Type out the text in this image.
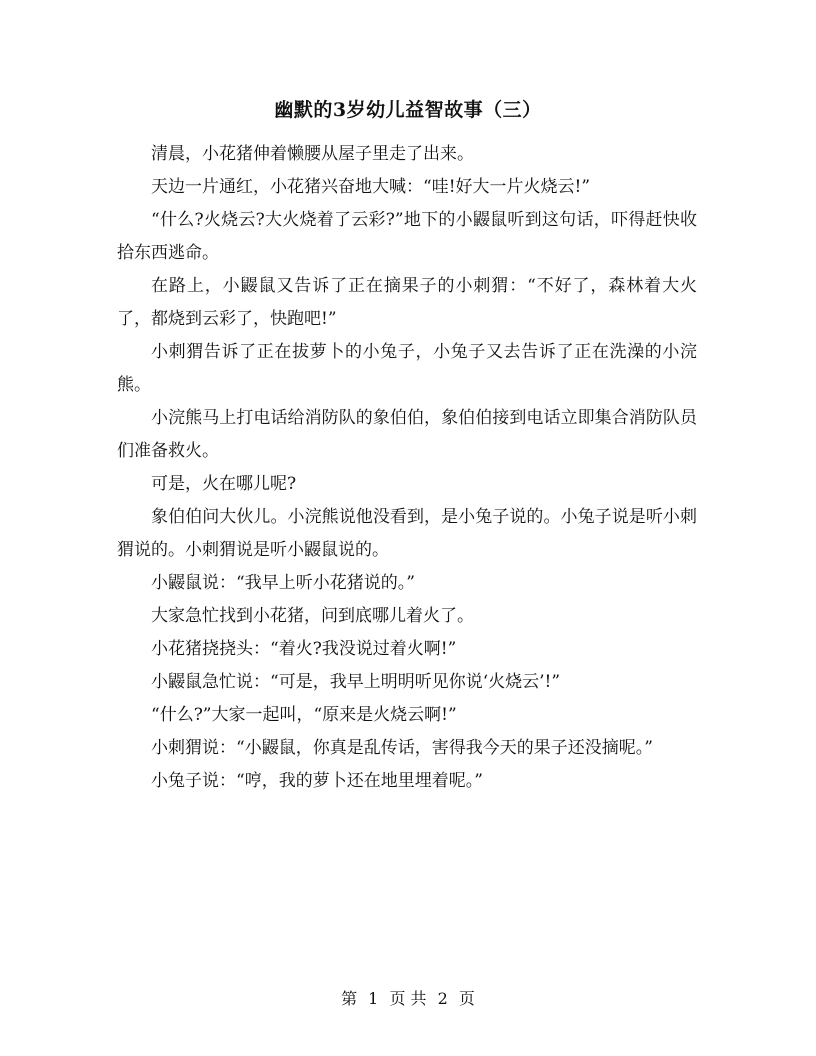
幽默的3岁幼儿益智故事（三）

清晨，小花猪伸着懒腰从屋子里走了出来。

天边一片通红，小花猪兴奋地大喊：“哇!好大一片火烧云!”

“什么?火烧云?大火烧着了云彩?”地下的小鼹鼠听到这句话，吓得赶快收拾东西逃命。

在路上，小鼹鼠又告诉了正在摘果子的小刺猬：“不好了，森林着大火了，都烧到云彩了，快跑吧!”

小刺猬告诉了正在拔萝卜的小兔子，小兔子又去告诉了正在洗澡的小浣熊。

小浣熊马上打电话给消防队的象伯伯，象伯伯接到电话立即集合消防队员们准备救火。

可是，火在哪儿呢?

象伯伯问大伙儿。小浣熊说他没看到，是小兔子说的。小兔子说是听小刺猬说的。小刺猬说是听小鼹鼠说的。

小鼹鼠说：“我早上听小花猪说的。”

大家急忙找到小花猪，问到底哪儿着火了。

小花猪挠挠头：“着火?我没说过着火啊!”

小鼹鼠急忙说：“可是，我早上明明听见你说‘火烧云’!”

“什么?”大家一起叫，“原来是火烧云啊!”

小刺猬说：“小鼹鼠，你真是乱传话，害得我今天的果子还没摘呢。”

小兔子说：“哼，我的萝卜还在地里埋着呢。”

第 1 页 共 2 页
